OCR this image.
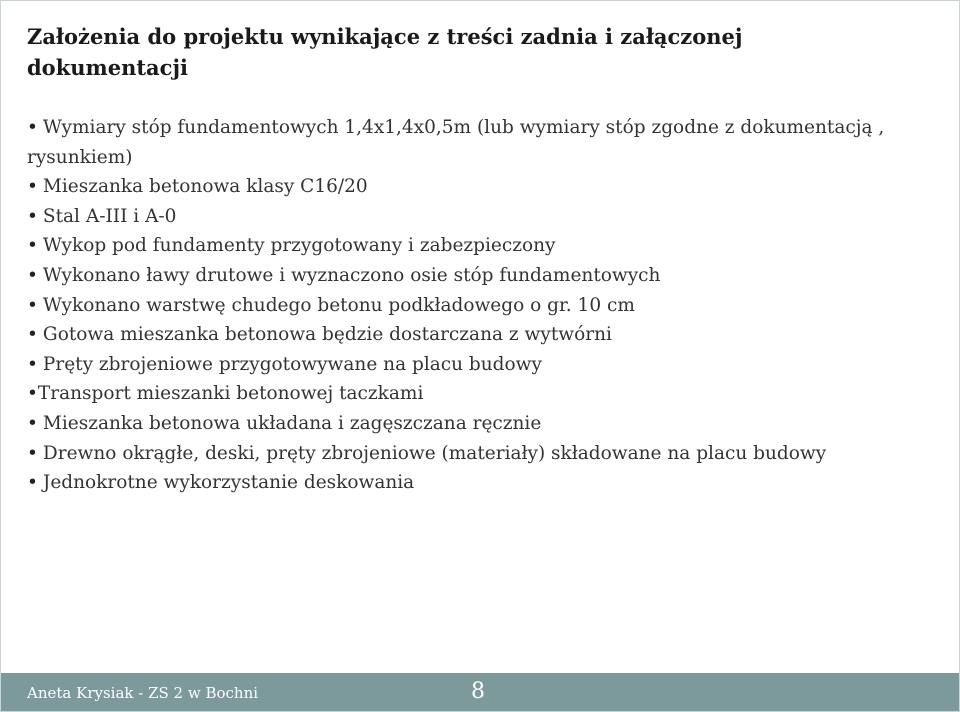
Założenia do projektu wynikające z treści zadnia i załączonej dokumentacji
• Wymiary stóp fundamentowych 1,4x1,4x0,5m (lub wymiary stóp zgodne z dokumentacją , rysunkiem)
• Mieszanka betonowa klasy C16/20
• Stal A-III i A-0
• Wykop pod fundamenty przygotowany i zabezpieczony
• Wykonano ławy drutowe i wyznaczono osie stóp fundamentowych
• Wykonano warstwę chudego betonu podkładowego o gr. 10 cm
• Gotowa mieszanka betonowa będzie dostarczana z wytwórni
• Pręty zbrojeniowe przygotowywane na placu budowy
•Transport mieszanki betonowej taczkami
• Mieszanka betonowa układana i zagęszczana ręcznie
• Drewno okrągłe, deski, pręty zbrojeniowe (materiały) składowane na placu budowy
• Jednokrotne wykorzystanie deskowania
Aneta Krysiak - ZS 2 w Bochni	8
